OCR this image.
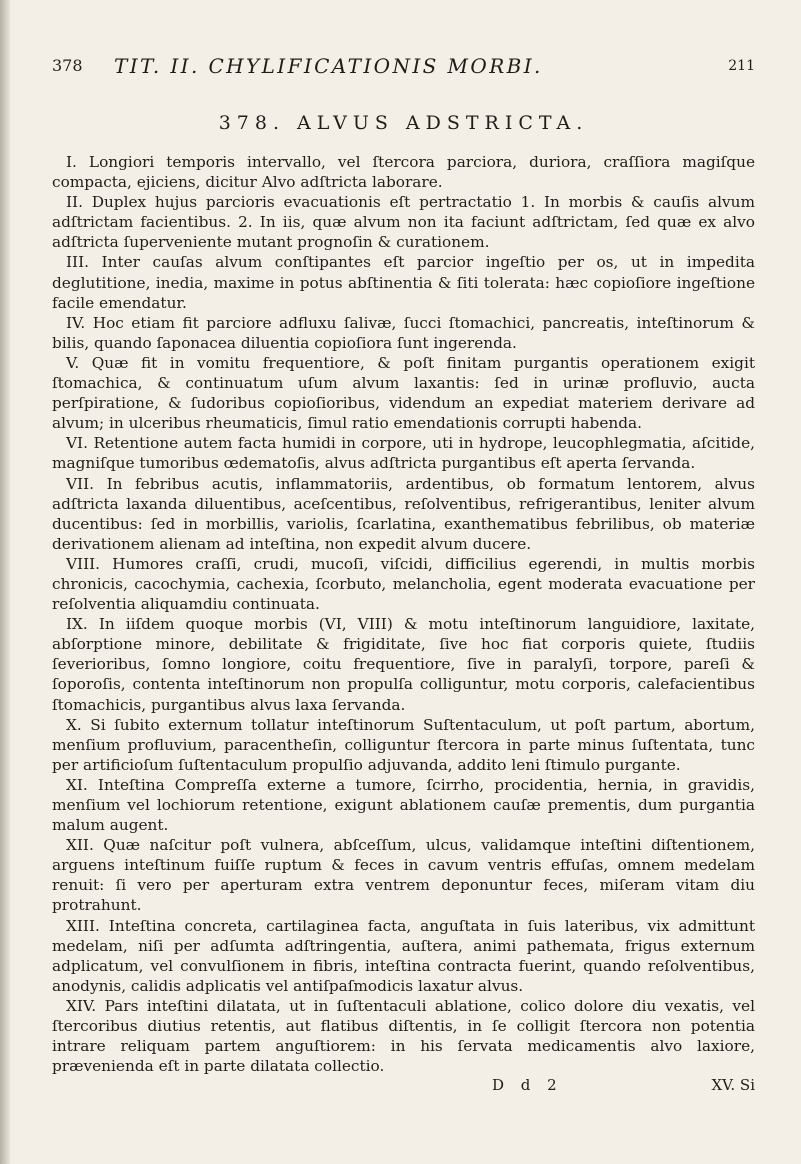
378 TIT. II. CHYLIFICATIONIS MORBI.	211
378. ALVUS ADSTRICTA.

I. Longiori temporis intervallo, vel ſtercora parciora, duriora, craſſiora magiſque compacta, ejiciens, dicitur Alvo adſtricta laborare.

II. Duplex hujus parcioris evacuationis eſt pertractatio 1. In morbis & cauſis alvum adſtrictam facientibus. 2. In iis, quæ alvum non ita faciunt adſtrictam, ſed quæ ex alvo adſtricta ſuperveniente mutant prognoſin & curationem.

III. Inter cauſas alvum conſtipantes eſt parcior ingeſtio per os, ut in impedita deglutitione, inedia, maxime in potus abſtinentia & ſiti tolerata: hæc copioſiore ingeſtione facile emendatur.

IV. Hoc etiam fit parciore adfluxu ſalivæ, ſucci ſtomachici, pancreatis, inteſtinorum & bilis, quando ſaponacea diluentia copioſiora ſunt ingerenda.

V. Quæ fit in vomitu frequentiore, & poſt finitam purgantis operationem exigit ſtomachica, & continuatum uſum alvum laxantis: ſed in urinæ profluvio, aucta perſpiratione, & ſudoribus copioſioribus, videndum an expediat materiem derivare ad alvum; in ulceribus rheumaticis, ſimul ratio emendationis corrupti habenda.

VI. Retentione autem facta humidi in corpore, uti in hydrope, leucophlegmatia, aſcitide, magniſque tumoribus œdematoſis, alvus adſtricta purgantibus eſt aperta ſervanda.

VII. In febribus acutis, inflammatoriis, ardentibus, ob formatum lentorem, alvus adſtricta laxanda diluentibus, aceſcentibus, reſolventibus, refrigerantibus, leniter alvum ducentibus: ſed in morbillis, variolis, ſcarlatina, exanthematibus febrilibus, ob materiæ derivationem alienam ad inteſtina, non expedit alvum ducere.

VIII. Humores craſſi, crudi, mucoſi, viſcidi, difficilius egerendi, in multis morbis chronicis, cacochymia, cachexia, ſcorbuto, melancholia, egent moderata evacuatione per reſolventia aliquamdiu continuata.

IX. In iiſdem quoque morbis (VI, VIII) & motu inteſtinorum languidiore, laxitate, abſorptione minore, debilitate & frigiditate, ſive hoc fiat corporis quiete, ſtudiis ſeverioribus, ſomno longiore, coitu frequentiore, ſive in paralyſi, torpore, pareſi & ſoporoſis, contenta inteſtinorum non propulſa colliguntur, motu corporis, calefacientibus ſtomachicis, purgantibus alvus laxa ſervanda.

X. Si ſubito externum tollatur inteſtinorum Suſtentaculum, ut poſt partum, abortum, menſium profluvium, paracentheſin, colliguntur ſtercora in parte minus ſuſtentata, tunc per artificioſum ſuſtentaculum propulſio adjuvanda, addito leni ſtimulo purgante.

XI. Inteſtina Compreſſa externe a tumore, ſcirrho, procidentia, hernia, in gravidis, menſium vel lochiorum retentione, exigunt ablationem cauſæ prementis, dum purgantia malum augent.

XII. Quæ naſcitur poſt vulnera, abſceſſum, ulcus, validamque inteſtini diſtentionem, arguens inteſtinum fuiſſe ruptum & feces in cavum ventris effuſas, omnem medelam renuit: ſi vero per aperturam extra ventrem deponuntur feces, miſeram vitam diu protrahunt.

XIII. Inteſtina concreta, cartilaginea facta, anguſtata in ſuis lateribus, vix admittunt medelam, niſi per adſumta adſtringentia, auſtera, animi pathemata, frigus externum adplicatum, vel convulſionem in fibris, inteſtina contracta fuerint, quando reſolventibus, anodynis, calidis adplicatis vel antiſpaſmodicis laxatur alvus.

XIV. Pars inteſtini dilatata, ut in ſuſtentaculi ablatione, colico dolore diu vexatis, vel ſtercoribus diutius retentis, aut flatibus diſtentis, in ſe colligit ſtercora non potentia intrare reliquam partem anguſtiorem: in his ſervata medicamentis alvo laxiore, prævenienda eſt in parte dilatata collectio.

D d 2	XV. Si
